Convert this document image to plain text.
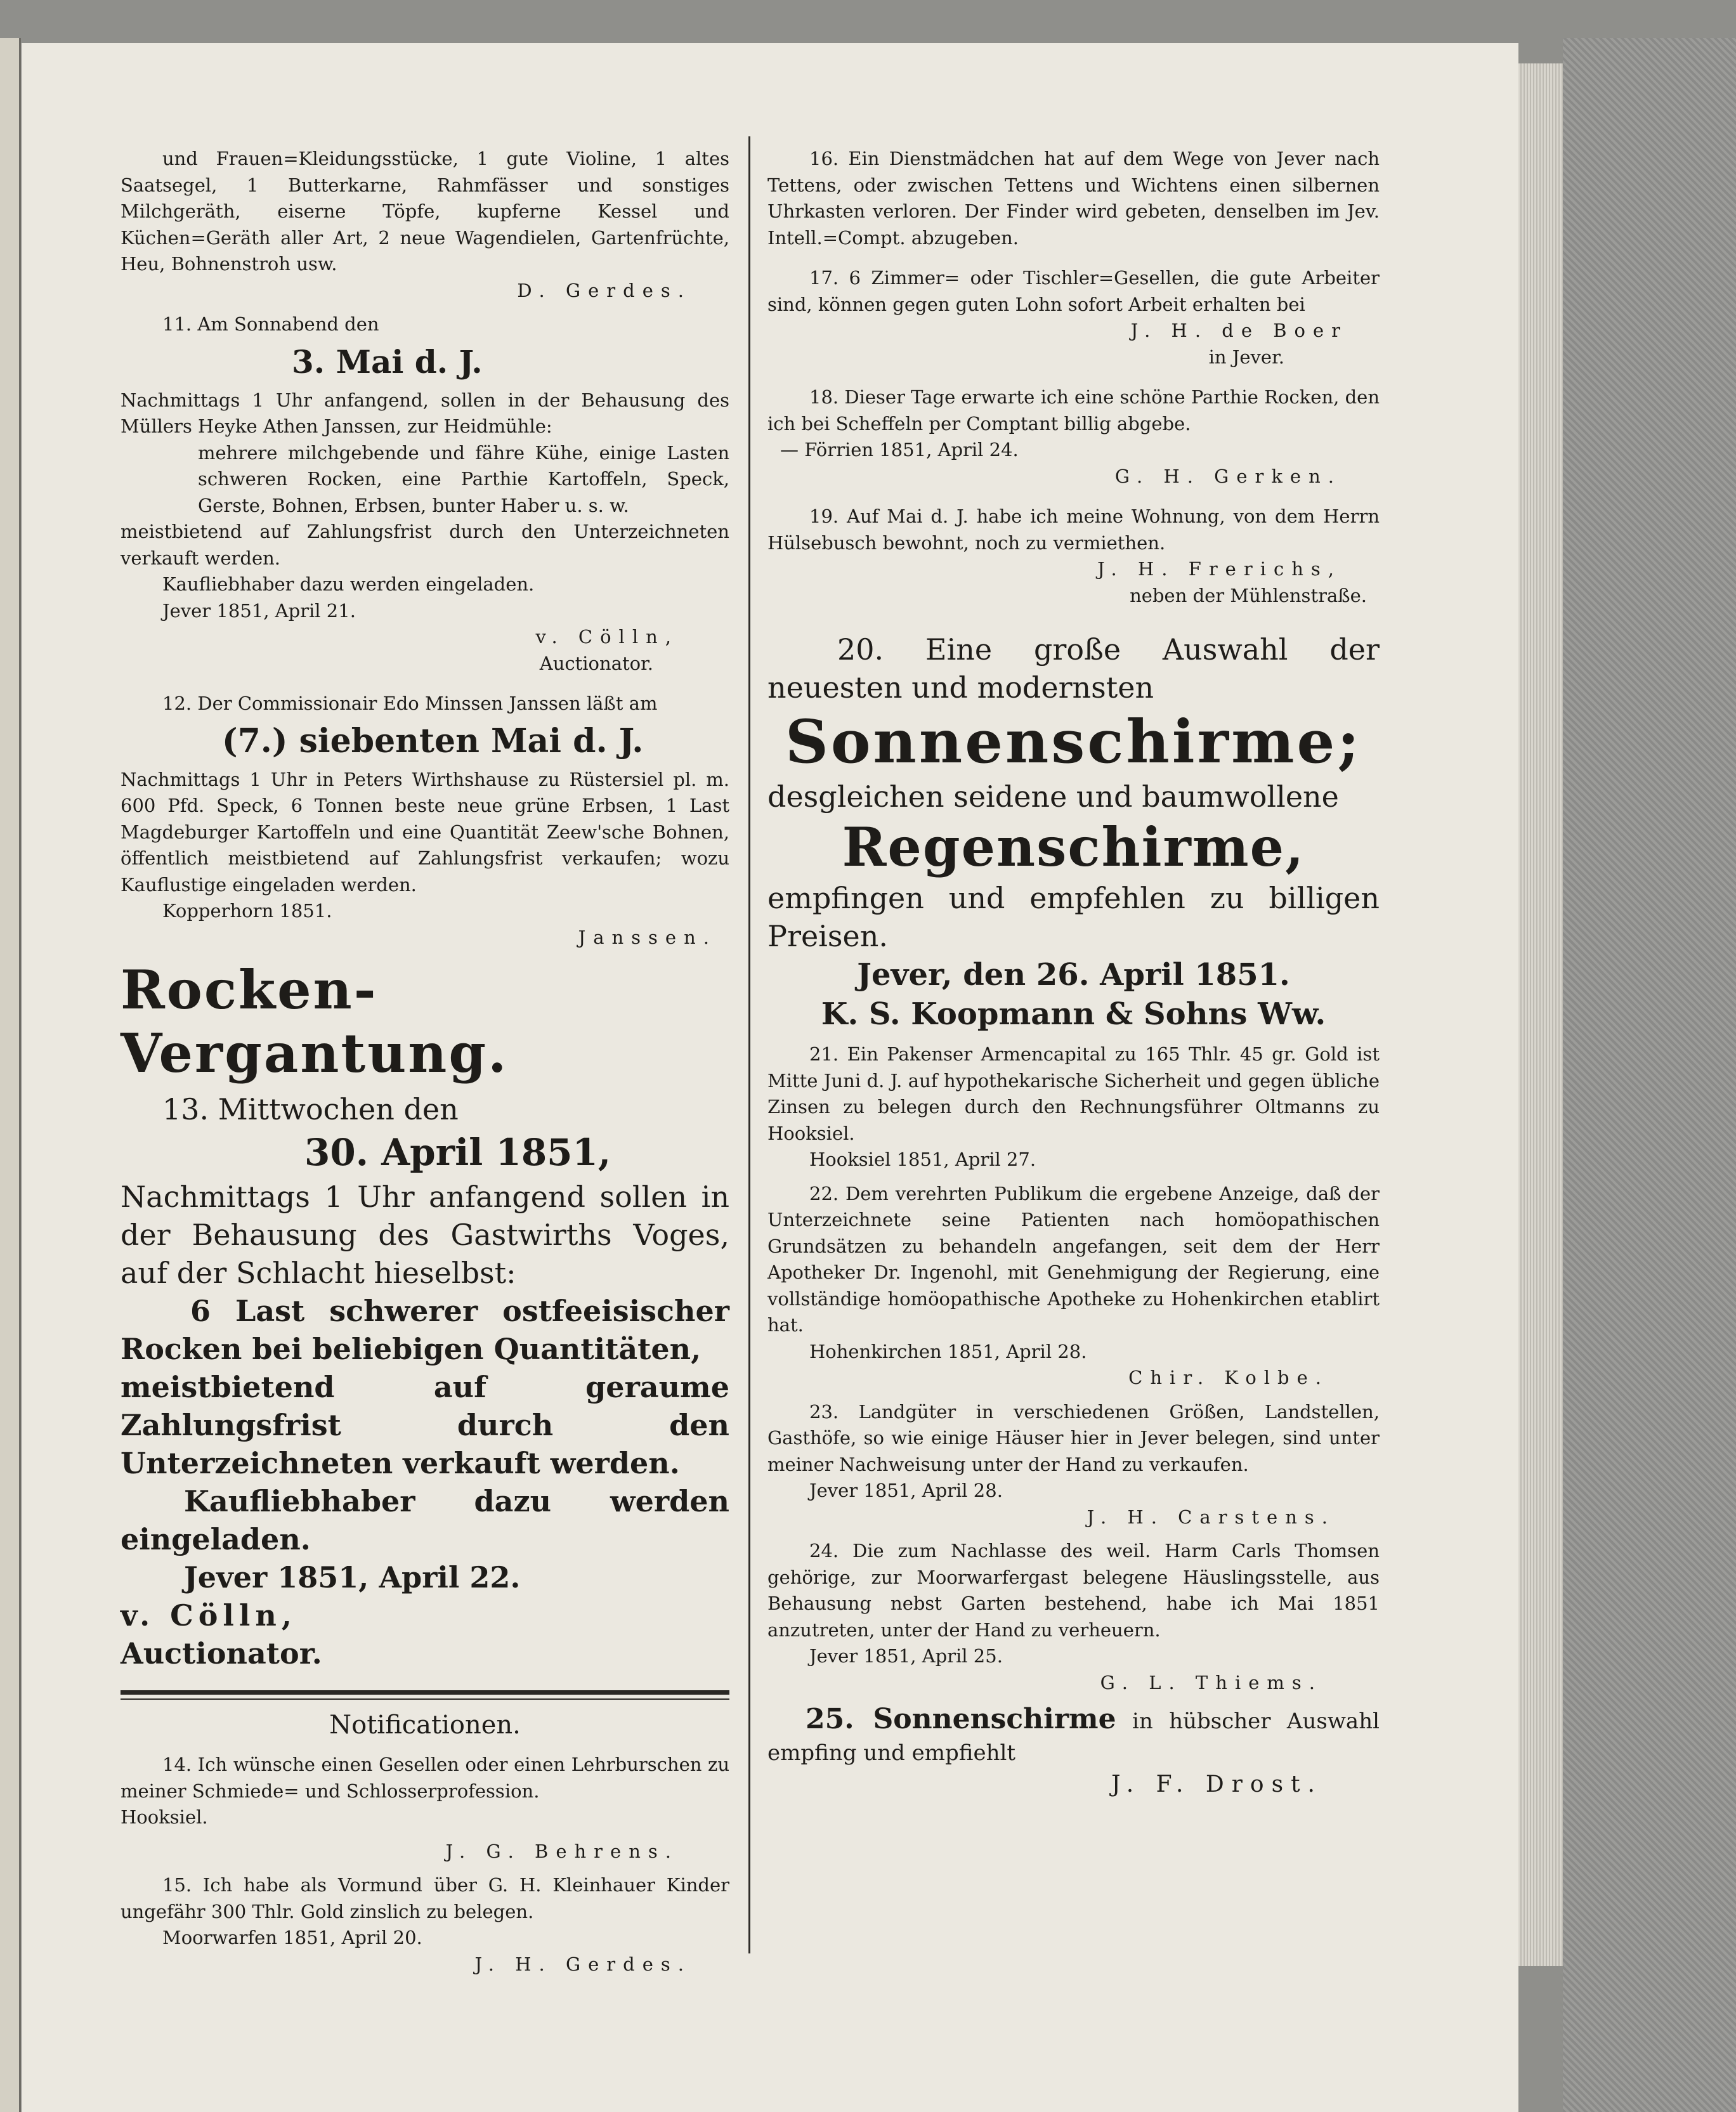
und Frauen=Kleidungsstücke, 1 gute Violine, 1 altes Saatsegel, 1 Butterkarne, Rahmfässer und sonstiges Milchgeräth, eiserne Töpfe, kupferne Kessel und Küchen=Geräth aller Art, 2 neue Wagendielen, Gartenfrüchte, Heu, Bohnenstroh usw.

D. Gerdes.

11. Am Sonnabend den

3. Mai d. J.

Nachmittags 1 Uhr anfangend, sollen in der Behausung des Müllers Heyke Athen Janssen, zur Heidmühle:

mehrere milchgebende und fähre Kühe, einige Lasten schweren Rocken, eine Parthie Kartoffeln, Speck, Gerste, Bohnen, Erbsen, bunter Haber u. s. w.

meistbietend auf Zahlungsfrist durch den Unterzeichneten verkauft werden.

Kaufliebhaber dazu werden eingeladen.

Jever 1851, April 21.

v. Cölln,

Auctionator.

12. Der Commissionair Edo Minssen Janssen läßt am

(7.) siebenten Mai d. J.

Nachmittags 1 Uhr in Peters Wirthshause zu Rüstersiel pl. m. 600 Pfd. Speck, 6 Tonnen beste neue grüne Erbsen, 1 Last Magdeburger Kartoffeln und eine Quantität Zeew'sche Bohnen, öffentlich meistbietend auf Zahlungsfrist verkaufen; wozu Kauflustige eingeladen werden.

Kopperhorn 1851.

Janssen.

Rocken-Vergantung.

13. Mittwochen den

30. April 1851,

Nachmittags 1 Uhr anfangend sollen in der Behausung des Gastwirths Voges, auf der Schlacht hieselbst:

6 Last schwerer ostfeeisischer Rocken bei beliebigen Quantitäten,

meistbietend auf geraume Zahlungsfrist durch den Unterzeichneten verkauft werden.

Kaufliebhaber dazu werden eingeladen.

Jever 1851, April 22.

v. Cölln,

Auctionator.

Notificationen.

14. Ich wünsche einen Gesellen oder einen Lehrburschen zu meiner Schmiede= und Schlosserprofession.

Hooksiel.

J. G. Behrens.

15. Ich habe als Vormund über G. H. Kleinhauer Kinder ungefähr 300 Thlr. Gold zinslich zu belegen.

Moorwarfen 1851, April 20.

J. H. Gerdes.

16. Ein Dienstmädchen hat auf dem Wege von Jever nach Tettens, oder zwischen Tettens und Wichtens einen silbernen Uhrkasten verloren. Der Finder wird gebeten, denselben im Jev. Intell.=Compt. abzugeben.

17. 6 Zimmer= oder Tischler=Gesellen, die gute Arbeiter sind, können gegen guten Lohn sofort Arbeit erhalten bei

J. H. de Boer

in Jever.

18. Dieser Tage erwarte ich eine schöne Parthie Rocken, den ich bei Scheffeln per Comptant billig abgebe.

— Förrien 1851, April 24.

G. H. Gerken.

19. Auf Mai d. J. habe ich meine Wohnung, von dem Herrn Hülsebusch bewohnt, noch zu vermiethen.

J. H. Frerichs,

neben der Mühlenstraße.

20. Eine große Auswahl der neuesten und modernsten

Sonnenschirme;

desgleichen seidene und baumwollene

Regenschirme,

empfingen und empfehlen zu billigen Preisen.

Jever, den 26. April 1851.

K. S. Koopmann & Sohns Ww.

21. Ein Pakenser Armencapital zu 165 Thlr. 45 gr. Gold ist Mitte Juni d. J. auf hypothekarische Sicherheit und gegen übliche Zinsen zu belegen durch den Rechnungsführer Oltmanns zu Hooksiel.

Hooksiel 1851, April 27.

22. Dem verehrten Publikum die ergebene Anzeige, daß der Unterzeichnete seine Patienten nach homöopathischen Grundsätzen zu behandeln angefangen, seit dem der Herr Apotheker Dr. Ingenohl, mit Genehmigung der Regierung, eine vollständige homöopathische Apotheke zu Hohenkirchen etablirt hat.

Hohenkirchen 1851, April 28.

Chir. Kolbe.

23. Landgüter in verschiedenen Größen, Landstellen, Gasthöfe, so wie einige Häuser hier in Jever belegen, sind unter meiner Nachweisung unter der Hand zu verkaufen.

Jever 1851, April 28.

J. H. Carstens.

24. Die zum Nachlasse des weil. Harm Carls Thomsen gehörige, zur Moorwarfergast belegene Häuslingsstelle, aus Behausung nebst Garten bestehend, habe ich Mai 1851 anzutreten, unter der Hand zu verheuern.

Jever 1851, April 25.

G. L. Thiems.

25. Sonnenschirme in hübscher Auswahl empfing und empfiehlt

J. F. Drost.
